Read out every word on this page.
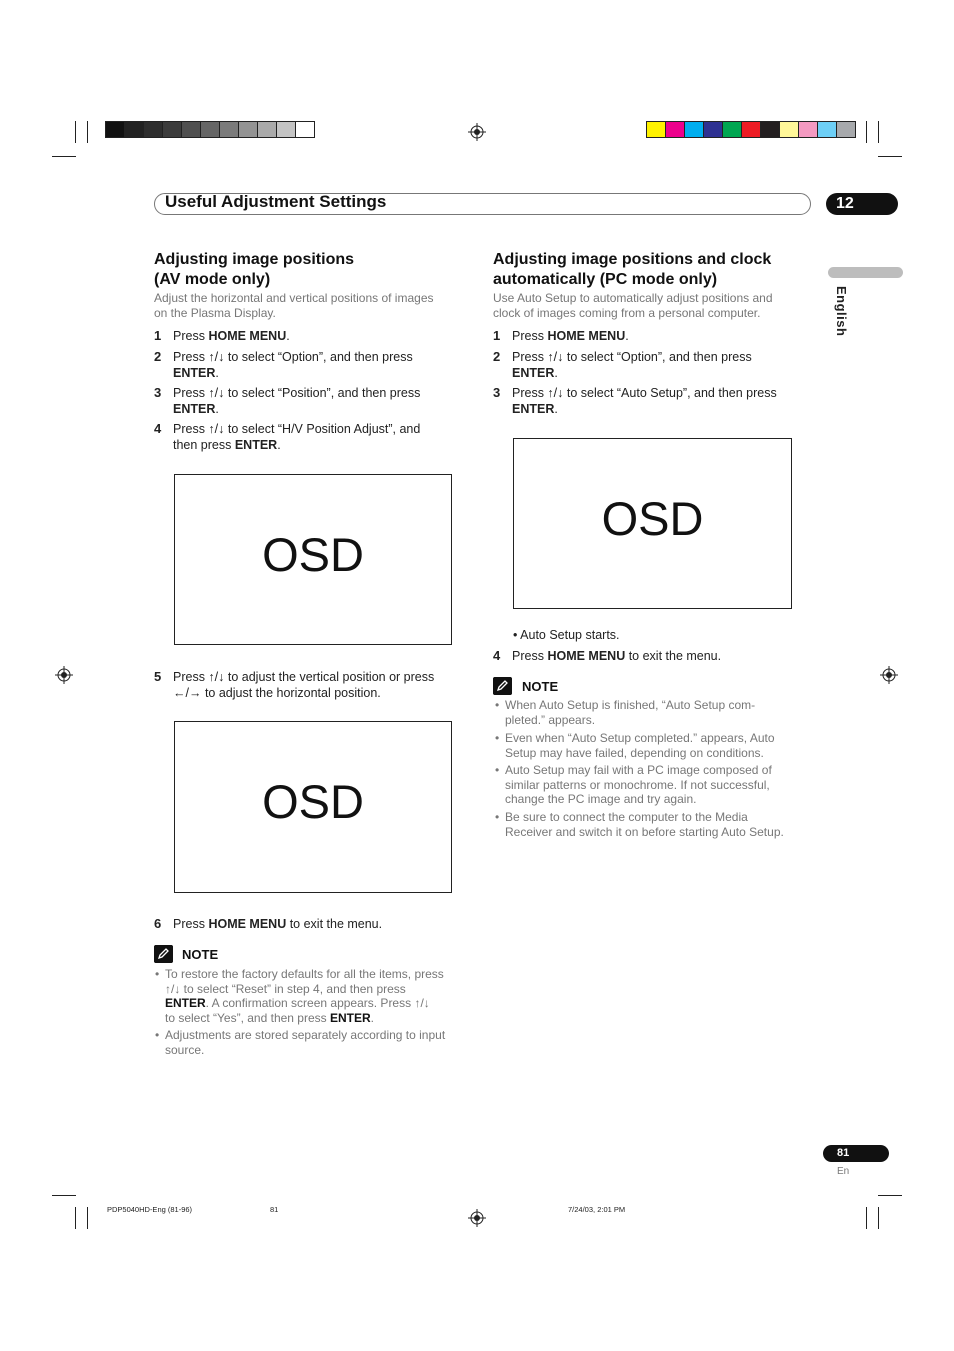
Useful Adjustment Settings	12
English
Adjusting image positions
(AV mode only)
Adjust the horizontal and vertical positions of images
on the Plasma Display.
1 Press HOME MENU.
2 Press ↑/↓ to select “Option”, and then press
ENTER.
3 Press ↑/↓ to select “Position”, and then press
ENTER.
4 Press ↑/↓ to select “H/V Position Adjust”, and
then press ENTER.
OSD
5 Press ↑/↓ to adjust the vertical position or press
←/→ to adjust the horizontal position.
OSD
6 Press HOME MENU to exit the menu.
NOTE
• To restore the factory defaults for all the items, press
↑/↓ to select “Reset” in step 4, and then press
ENTER. A confirmation screen appears. Press ↑/↓
to select “Yes”, and then press ENTER.
• Adjustments are stored separately according to input
source.
Adjusting image positions and clock
automatically (PC mode only)
Use Auto Setup to automatically adjust positions and
clock of images coming from a personal computer.
1 Press HOME MENU.
2 Press ↑/↓ to select “Option”, and then press
ENTER.
3 Press ↑/↓ to select “Auto Setup”, and then press
ENTER.
OSD
• Auto Setup starts.
4 Press HOME MENU to exit the menu.
NOTE
• When Auto Setup is finished, “Auto Setup com-
pleted.” appears.
• Even when “Auto Setup completed.” appears, Auto
Setup may have failed, depending on conditions.
• Auto Setup may fail with a PC image composed of
similar patterns or monochrome. If not successful,
change the PC image and try again.
• Be sure to connect the computer to the Media
Receiver and switch it on before starting Auto Setup.
81
En
PDP5040HD-Eng (81-96)	81	7/24/03, 2:01 PM
